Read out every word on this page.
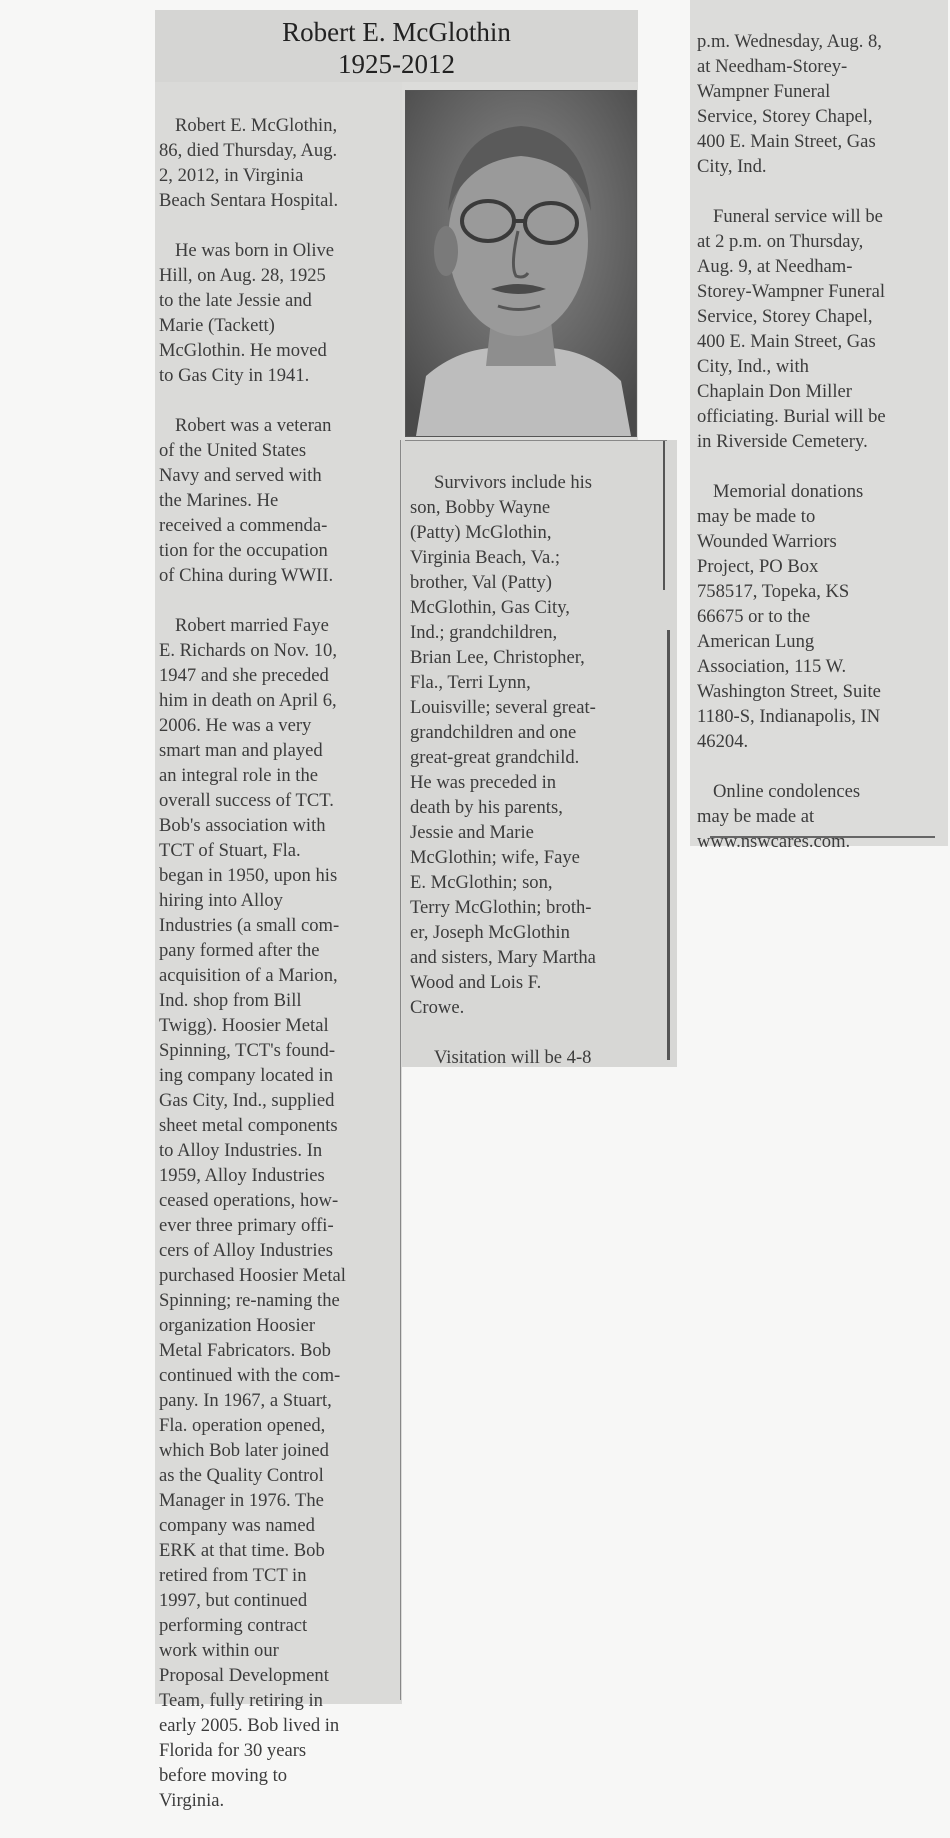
Robert E. McGlothin
1925-2012

Robert E. McGlothin,
86, died Thursday, Aug.
2, 2012, in Virginia
Beach Sentara Hospital.

He was born in Olive
Hill, on Aug. 28, 1925
to the late Jessie and
Marie (Tackett)
McGlothin. He moved
to Gas City in 1941.

Robert was a veteran
of the United States
Navy and served with
the Marines. He
received a commenda-
tion for the occupation
of China during WWII.

Robert married Faye
E. Richards on Nov. 10,
1947 and she preceded
him in death on April 6,
2006. He was a very
smart man and played
an integral role in the
overall success of TCT.
Bob's association with
TCT of Stuart, Fla.
began in 1950, upon his
hiring into Alloy
Industries (a small com-
pany formed after the
acquisition of a Marion,
Ind. shop from Bill
Twigg). Hoosier Metal
Spinning, TCT's found-
ing company located in
Gas City, Ind., supplied
sheet metal components
to Alloy Industries. In
1959, Alloy Industries
ceased operations, how-
ever three primary offi-
cers of Alloy Industries
purchased Hoosier Metal
Spinning; re-naming the
organization Hoosier
Metal Fabricators. Bob
continued with the com-
pany. In 1967, a Stuart,
Fla. operation opened,
which Bob later joined
as the Quality Control
Manager in 1976. The
company was named
ERK at that time. Bob
retired from TCT in
1997, but continued
performing contract
work within our
Proposal Development
Team, fully retiring in
early 2005. Bob lived in
Florida for 30 years
before moving to
Virginia.

Survivors include his
son, Bobby Wayne
(Patty) McGlothin,
Virginia Beach, Va.;
brother, Val (Patty)
McGlothin, Gas City,
Ind.; grandchildren,
Brian Lee, Christopher,
Fla., Terri Lynn,
Louisville; several great-
grandchildren and one
great-great grandchild.
He was preceded in
death by his parents,
Jessie and Marie
McGlothin; wife, Faye
E. McGlothin; son,
Terry McGlothin; broth-
er, Joseph McGlothin
and sisters, Mary Martha
Wood and Lois F.
Crowe.

Visitation will be 4-8

p.m. Wednesday, Aug. 8,
at Needham-Storey-
Wampner Funeral
Service, Storey Chapel,
400 E. Main Street, Gas
City, Ind.

Funeral service will be
at 2 p.m. on Thursday,
Aug. 9, at Needham-
Storey-Wampner Funeral
Service, Storey Chapel,
400 E. Main Street, Gas
City, Ind., with
Chaplain Don Miller
officiating. Burial will be
in Riverside Cemetery.

Memorial donations
may be made to
Wounded Warriors
Project, PO Box
758517, Topeka, KS
66675 or to the
American Lung
Association, 115 W.
Washington Street, Suite
1180-S, Indianapolis, IN
46204.

Online condolences
may be made at
www.nswcares.com.
